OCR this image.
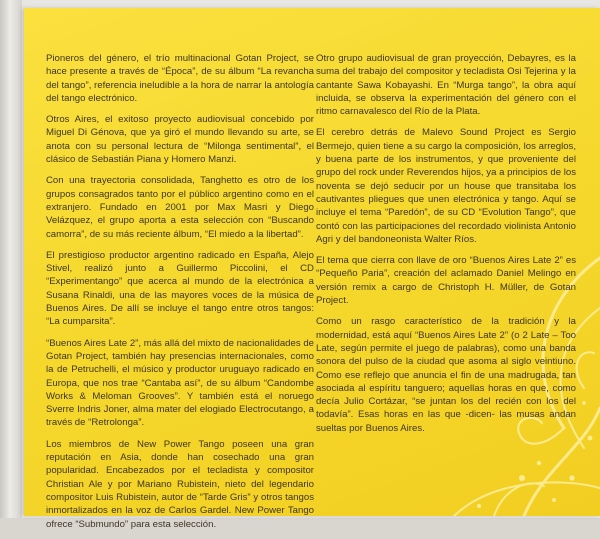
Pioneros del género, el trío multinacional Gotan Project, se hace presente a través de “Época”, de su álbum “La revancha del tango”, referencia ineludible a la hora de narrar la antología del tango electrónico.

Otros Aires, el exitoso proyecto audiovisual concebido por Miguel Di Génova, que ya giró el mundo llevando su arte, se anota con su personal lectura de “Milonga sentimental”, el clásico de Sebastián Piana y Homero Manzi.

Con una trayectoria consolidada, Tanghetto es otro de los grupos consagrados tanto por el público argentino como en el extranjero. Fundado en 2001 por Max Masri y Diego Velázquez, el grupo aporta a esta selección con “Buscando camorra”, de su más reciente álbum, “El miedo a la libertad”.

El prestigioso productor argentino radicado en España, Alejo Stivel, realizó junto a Guillermo Piccolini, el CD “Experimentango” que acerca al mundo de la electrónica a Susana Rinaldi, una de las mayores voces de la música de Buenos Aires. De allí se incluye el tango entre otros tangos: “La cumparsita”.

“Buenos Aires Late 2”, más allá del mixto de nacionalidades de Gotan Project, también hay presencias internacionales, como la de Petruchelli, el músico y productor uruguayo radicado en Europa, que nos trae “Cantaba así”, de su álbum “Candombe Works & Meloman Grooves”. Y también está el noruego Sverre Indris Joner, alma mater del elogiado Electrocutango, a través de “Retrolonga”.

Los miembros de New Power Tango poseen una gran reputación en Asia, donde han cosechado una gran popularidad. Encabezados por el tecladista y compositor Christian Ale y por Mariano Rubistein, nieto del legendario compositor Luis Rubistein, autor de “Tarde Gris” y otros tangos inmortalizados en la voz de Carlos Gardel. New Power Tango ofrece “Submundo” para esta selección.

Otro grupo audiovisual de gran proyección, Debayres, es la suma del trabajo del compositor y tecladista Osi Tejerina y la cantante Sawa Kobayashi. En “Murga tango”, la obra aquí incluida, se observa la experimentación del género con el ritmo carnavalesco del Río de la Plata.

El cerebro detrás de Malevo Sound Project es Sergio Bermejo, quien tiene a su cargo la composición, los arreglos, y buena parte de los instrumentos, y que proveniente del grupo del rock under Reverendos hijos, ya a principios de los noventa se dejó seducir por un house que transitaba los cautivantes pliegues que unen electrónica y tango. Aquí se incluye el tema “Paredón”, de su CD “Evolution Tango”, que contó con las participaciones del recordado violinista Antonio Agri y del bandoneonista Walter Ríos.

El tema que cierra con llave de oro “Buenos Aires Late 2” es “Pequeño Paria”, creación del aclamado Daniel Melingo en versión remix a cargo de Christoph H. Müller, de Gotan Project.

Como un rasgo característico de la tradición y la modernidad, está aquí “Buenos Aires Late 2” (o 2 Late – Too Late, según permite el juego de palabras), como una banda sonora del pulso de la ciudad que asoma al siglo veintiuno. Como ese reflejo que anuncia el fin de una madrugada, tan asociada al espíritu tanguero; aquellas horas en que, como decía Julio Cortázar, “se juntan los del recién con los del todavía”. Esas horas en las que -dicen- las musas andan sueltas por Buenos Aires.
